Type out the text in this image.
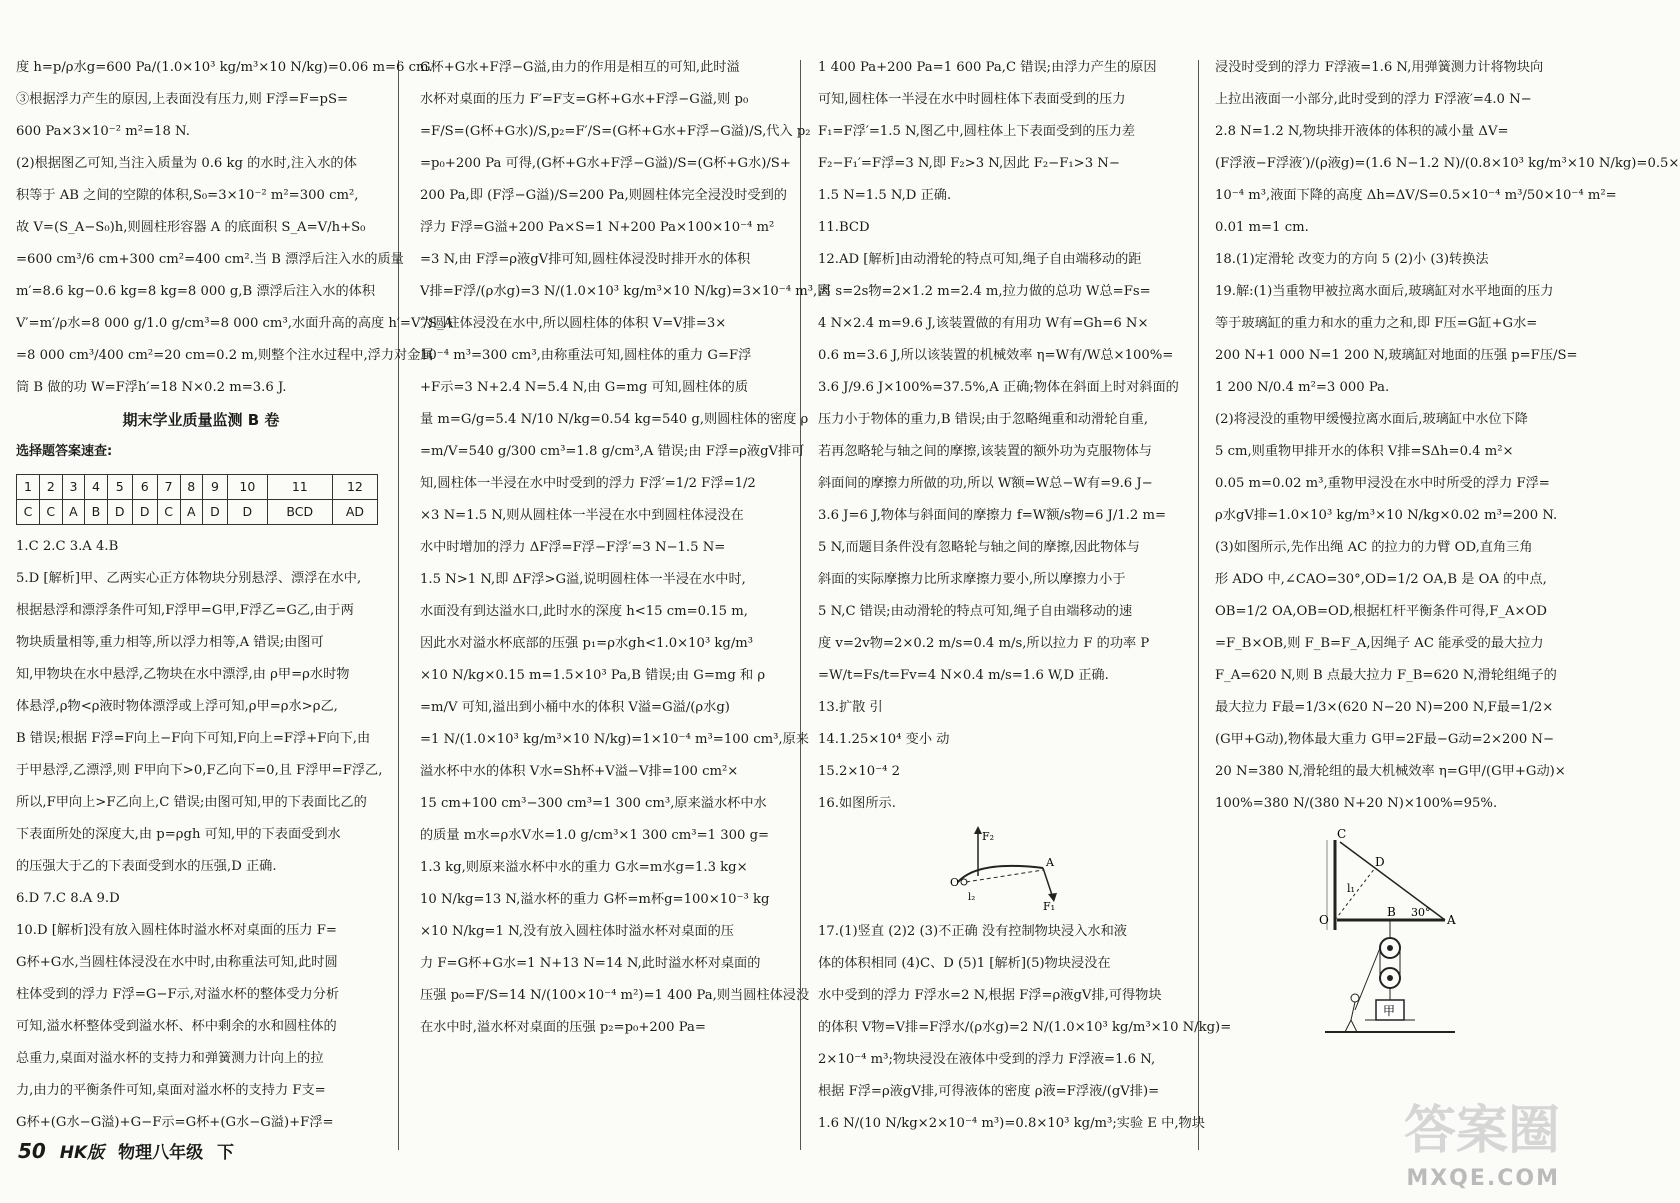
度 h=p/ρ水g=600 Pa/(1.0×10³ kg/m³×10 N/kg)=0.06 m=6 cm.

③根据浮力产生的原因,上表面没有压力,则 F浮=F=pS=

600 Pa×3×10⁻² m²=18 N.

(2)根据图乙可知,当注入质量为 0.6 kg 的水时,注入水的体

积等于 AB 之间的空隙的体积,S₀=3×10⁻² m²=300 cm²,

故 V=(S_A−S₀)h,则圆柱形容器 A 的底面积 S_A=V/h+S₀

=600 cm³/6 cm+300 cm²=400 cm².当 B 漂浮后注入水的质量

m′=8.6 kg−0.6 kg=8 kg=8 000 g,B 漂浮后注入水的体积

V′=m′/ρ水=8 000 g/1.0 g/cm³=8 000 cm³,水面升高的高度 h′=V′/S_A

=8 000 cm³/400 cm²=20 cm=0.2 m,则整个注水过程中,浮力对金属

筒 B 做的功 W=F浮h′=18 N×0.2 m=3.6 J.

期末学业质量监测 B 卷

选择题答案速查:

1	2	3	4	5	6	7	8	9	10	11	12
C	C	A	B	D	D	C	A	D	D	BCD	AD

1.C 2.C 3.A 4.B

5.D [解析]甲、乙两实心正方体物块分别悬浮、漂浮在水中,

根据悬浮和漂浮条件可知,F浮甲=G甲,F浮乙=G乙,由于两

物块质量相等,重力相等,所以浮力相等,A 错误;由图可

知,甲物块在水中悬浮,乙物块在水中漂浮,由 ρ甲=ρ水时物

体悬浮,ρ物<ρ液时物体漂浮或上浮可知,ρ甲=ρ水>ρ乙,

B 错误;根据 F浮=F向上−F向下可知,F向上=F浮+F向下,由

于甲悬浮,乙漂浮,则 F甲向下>0,F乙向下=0,且 F浮甲=F浮乙,

所以,F甲向上>F乙向上,C 错误;由图可知,甲的下表面比乙的

下表面所处的深度大,由 p=ρgh 可知,甲的下表面受到水

的压强大于乙的下表面受到水的压强,D 正确.

6.D 7.C 8.A 9.D

10.D [解析]没有放入圆柱体时溢水杯对桌面的压力 F=

G杯+G水,当圆柱体浸没在水中时,由称重法可知,此时圆

柱体受到的浮力 F浮=G−F示,对溢水杯的整体受力分析

可知,溢水杯整体受到溢水杯、杯中剩余的水和圆柱体的

总重力,桌面对溢水杯的支持力和弹簧测力计向上的拉

力,由力的平衡条件可知,桌面对溢水杯的支持力 F支=

G杯+(G水−G溢)+G−F示=G杯+(G水−G溢)+F浮=

G杯+G水+F浮−G溢,由力的作用是相互的可知,此时溢

水杯对桌面的压力 F′=F支=G杯+G水+F浮−G溢,则 p₀

=F/S=(G杯+G水)/S,p₂=F′/S=(G杯+G水+F浮−G溢)/S,代入 p₂

=p₀+200 Pa 可得,(G杯+G水+F浮−G溢)/S=(G杯+G水)/S+

200 Pa,即 (F浮−G溢)/S=200 Pa,则圆柱体完全浸没时受到的

浮力 F浮=G溢+200 Pa×S=1 N+200 Pa×100×10⁻⁴ m²

=3 N,由 F浮=ρ液gV排可知,圆柱体浸没时排开水的体积

V排=F浮/(ρ水g)=3 N/(1.0×10³ kg/m³×10 N/kg)=3×10⁻⁴ m³,因

为圆柱体浸没在水中,所以圆柱体的体积 V=V排=3×

10⁻⁴ m³=300 cm³,由称重法可知,圆柱体的重力 G=F浮

+F示=3 N+2.4 N=5.4 N,由 G=mg 可知,圆柱体的质

量 m=G/g=5.4 N/10 N/kg=0.54 kg=540 g,则圆柱体的密度 ρ

=m/V=540 g/300 cm³=1.8 g/cm³,A 错误;由 F浮=ρ液gV排可

知,圆柱体一半浸在水中时受到的浮力 F浮′=1/2 F浮=1/2

×3 N=1.5 N,则从圆柱体一半浸在水中到圆柱体浸没在

水中时增加的浮力 ΔF浮=F浮−F浮′=3 N−1.5 N=

1.5 N>1 N,即 ΔF浮>G溢,说明圆柱体一半浸在水中时,

水面没有到达溢水口,此时水的深度 h<15 cm=0.15 m,

因此水对溢水杯底部的压强 p₁=ρ水gh<1.0×10³ kg/m³

×10 N/kg×0.15 m=1.5×10³ Pa,B 错误;由 G=mg 和 ρ

=m/V 可知,溢出到小桶中水的体积 V溢=G溢/(ρ水g)

=1 N/(1.0×10³ kg/m³×10 N/kg)=1×10⁻⁴ m³=100 cm³,原来

溢水杯中水的体积 V水=Sh杯+V溢−V排=100 cm²×

15 cm+100 cm³−300 cm³=1 300 cm³,原来溢水杯中水

的质量 m水=ρ水V水=1.0 g/cm³×1 300 cm³=1 300 g=

1.3 kg,则原来溢水杯中水的重力 G水=m水g=1.3 kg×

10 N/kg=13 N,溢水杯的重力 G杯=m杯g=100×10⁻³ kg

×10 N/kg=1 N,没有放入圆柱体时溢水杯对桌面的压

力 F=G杯+G水=1 N+13 N=14 N,此时溢水杯对桌面的

压强 p₀=F/S=14 N/(100×10⁻⁴ m²)=1 400 Pa,则当圆柱体浸没

在水中时,溢水杯对桌面的压强 p₂=p₀+200 Pa=

1 400 Pa+200 Pa=1 600 Pa,C 错误;由浮力产生的原因

可知,圆柱体一半浸在水中时圆柱体下表面受到的压力

F₁=F浮′=1.5 N,图乙中,圆柱体上下表面受到的压力差

F₂−F₁′=F浮=3 N,即 F₂>3 N,因此 F₂−F₁>3 N−

1.5 N=1.5 N,D 正确.

11.BCD

12.AD [解析]由动滑轮的特点可知,绳子自由端移动的距

离 s=2s物=2×1.2 m=2.4 m,拉力做的总功 W总=Fs=

4 N×2.4 m=9.6 J,该装置做的有用功 W有=Gh=6 N×

0.6 m=3.6 J,所以该装置的机械效率 η=W有/W总×100%=

3.6 J/9.6 J×100%=37.5%,A 正确;物体在斜面上时对斜面的

压力小于物体的重力,B 错误;由于忽略绳重和动滑轮自重,

若再忽略轮与轴之间的摩擦,该装置的额外功为克服物体与

斜面间的摩擦力所做的功,所以 W额=W总−W有=9.6 J−

3.6 J=6 J,物体与斜面间的摩擦力 f=W额/s物=6 J/1.2 m=

5 N,而题目条件没有忽略轮与轴之间的摩擦,因此物体与

斜面的实际摩擦力比所求摩擦力要小,所以摩擦力小于

5 N,C 错误;由动滑轮的特点可知,绳子自由端移动的速

度 v=2v物=2×0.2 m/s=0.4 m/s,所以拉力 F 的功率 P

=W/t=Fs/t=Fv=4 N×0.4 m/s=1.6 W,D 正确.

13.扩散 引

14.1.25×10⁴ 变小 动

15.2×10⁻⁴ 2

16.如图所示.

F₂
A
O
l₂
F₁

17.(1)竖直 (2)2 (3)不正确 没有控制物块浸入水和液

体的体积相同 (4)C、D (5)1 [解析](5)物块浸没在

水中受到的浮力 F浮水=2 N,根据 F浮=ρ液gV排,可得物块

的体积 V物=V排=F浮水/(ρ水g)=2 N/(1.0×10³ kg/m³×10 N/kg)=

2×10⁻⁴ m³;物块浸没在液体中受到的浮力 F浮液=1.6 N,

根据 F浮=ρ液gV排,可得液体的密度 ρ液=F浮液/(gV排)=

1.6 N/(10 N/kg×2×10⁻⁴ m³)=0.8×10³ kg/m³;实验 E 中,物块

浸没时受到的浮力 F浮液=1.6 N,用弹簧测力计将物块向

上拉出液面一小部分,此时受到的浮力 F浮液′=4.0 N−

2.8 N=1.2 N,物块排开液体的体积的减小量 ΔV=

(F浮液−F浮液′)/(ρ液g)=(1.6 N−1.2 N)/(0.8×10³ kg/m³×10 N/kg)=0.5×

10⁻⁴ m³,液面下降的高度 Δh=ΔV/S=0.5×10⁻⁴ m³/50×10⁻⁴ m²=

0.01 m=1 cm.

18.(1)定滑轮 改变力的方向 5 (2)小 (3)转换法

19.解:(1)当重物甲被拉离水面后,玻璃缸对水平地面的压力

等于玻璃缸的重力和水的重力之和,即 F压=G缸+G水=

200 N+1 000 N=1 200 N,玻璃缸对地面的压强 p=F压/S=

1 200 N/0.4 m²=3 000 Pa.

(2)将浸没的重物甲缓慢拉离水面后,玻璃缸中水位下降

5 cm,则重物甲排开水的体积 V排=SΔh=0.4 m²×

0.05 m=0.02 m³,重物甲浸没在水中时所受的浮力 F浮=

ρ水gV排=1.0×10³ kg/m³×10 N/kg×0.02 m³=200 N.

(3)如图所示,先作出绳 AC 的拉力的力臂 OD,直角三角

形 ADO 中,∠CAO=30°,OD=1/2 OA,B 是 OA 的中点,

OB=1/2 OA,OB=OD,根据杠杆平衡条件可得,F_A×OD

=F_B×OB,则 F_B=F_A,因绳子 AC 能承受的最大拉力

F_A=620 N,则 B 点最大拉力 F_B=620 N,滑轮组绳子的

最大拉力 F最=1/3×(620 N−20 N)=200 N,F最=1/2×

(G甲+G动),物体最大重力 G甲=2F最−G动=2×200 N−

20 N=380 N,滑轮组的最大机械效率 η=G甲/(G甲+G动)×

100%=380 N/(380 N+20 N)×100%=95%.

C
D
l₁
B 30°
A
O
甲
50 HK版 物理八年级 下	答案圈
MXQE.COM
